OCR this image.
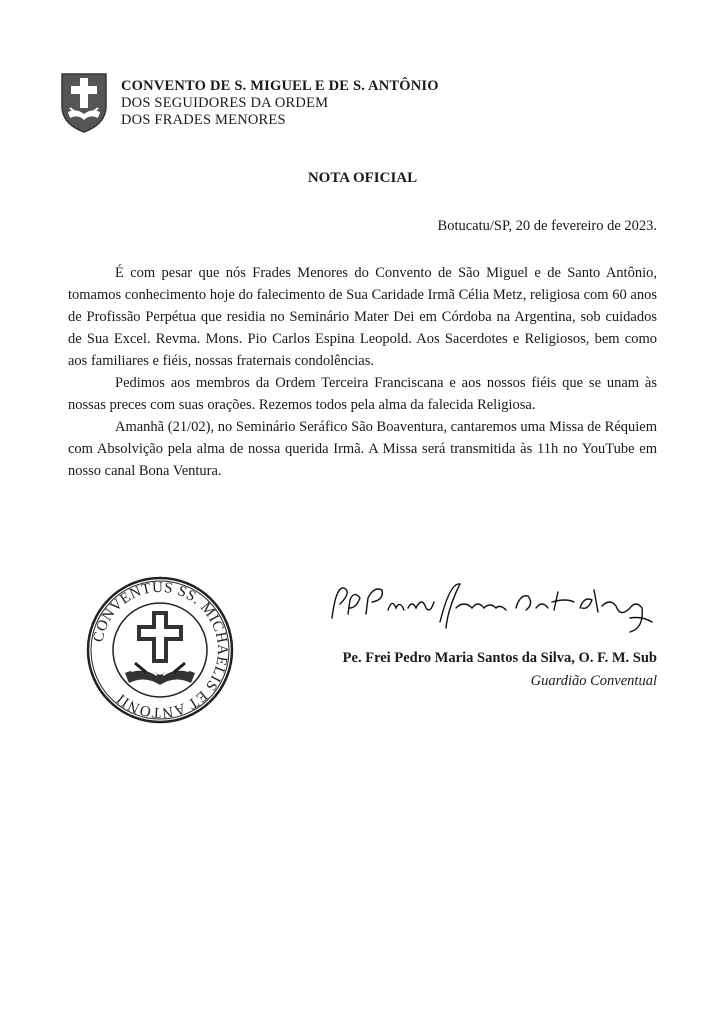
CONVENTO DE S. MIGUEL E DE S. ANTÔNIO
DOS SEGUIDORES DA ORDEM
DOS FRADES MENORES
NOTA OFICIAL
Botucatu/SP, 20 de fevereiro de 2023.

É com pesar que nós Frades Menores do Convento de São Miguel e de Santo Antônio, tomamos conhecimento hoje do falecimento de Sua Caridade Irmã Célia Metz, religiosa com 60 anos de Profissão Perpétua que residia no Seminário Mater Dei em Córdoba na Argentina, sob cuidados de Sua Excel. Revma. Mons. Pio Carlos Espina Leopold. Aos Sacerdotes e Religiosos, bem como aos familiares e fiéis, nossas fraternais condolências.

Pedimos aos membros da Ordem Terceira Franciscana e aos nossos fiéis que se unam às nossas preces com suas orações. Rezemos todos pela alma da falecida Religiosa.

Amanhã (21/02), no Seminário Seráfico São Boaventura, cantaremos uma Missa de Réquiem com Absolvição pela alma de nossa querida Irmã. A Missa será transmitida às 11h no YouTube em nosso canal Bona Ventura.

CONVENTUS SS. MICHAELIS ET ANTONII
P. Fr. Petrus Maria Santos da Silva
Pe. Frei Pedro Maria Santos da Silva, O. F. M. Sub
Guardião Conventual
